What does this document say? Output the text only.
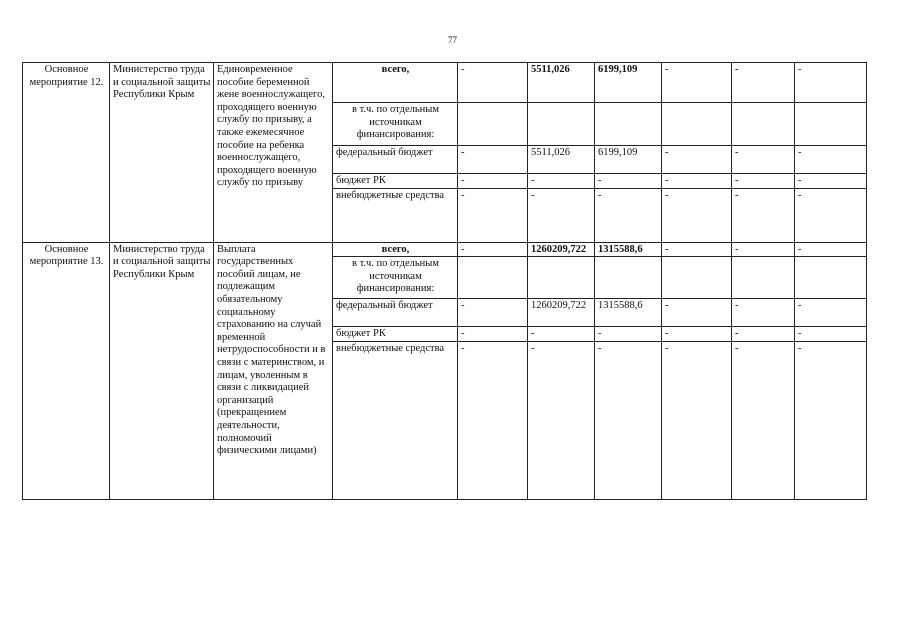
77
Основное мероприятие 12.	Министерство труда и социальной защиты Республики Крым	Единовременное пособие беременной жене военнослужащего, проходящего военную службу по призыву, а также ежемесячное пособие на ребенка военнослужащего, проходящего военную службу по призыву	всего,	-	5511,026	6199,109	-	-	-
			в т.ч. по отдельным источникам финансирования:						
			федеральный бюджет	-	5511,026	6199,109	-	-	-
			бюджет РК	-	-	-	-	-	-
			внебюджетные средства	-	-	-	-	-	-
Основное мероприятие 13.	Министерство труда и социальной защиты Республики Крым	Выплата государственных пособий лицам, не подлежащим обязательному социальному страхованию на случай временной нетрудоспособности и в связи с материнством, и лицам, уволенным в связи с ликвидацией организаций (прекращением деятельности, полномочий физическими лицами)	всего,	-	1260209,722	1315588,6	-	-	-
			в т.ч. по отдельным источникам финансирования:						
			федеральный бюджет	-	1260209,722	1315588,6	-	-	-
			бюджет РК	-	-	-	-	-	-
			внебюджетные средства	-	-	-	-	-	-
